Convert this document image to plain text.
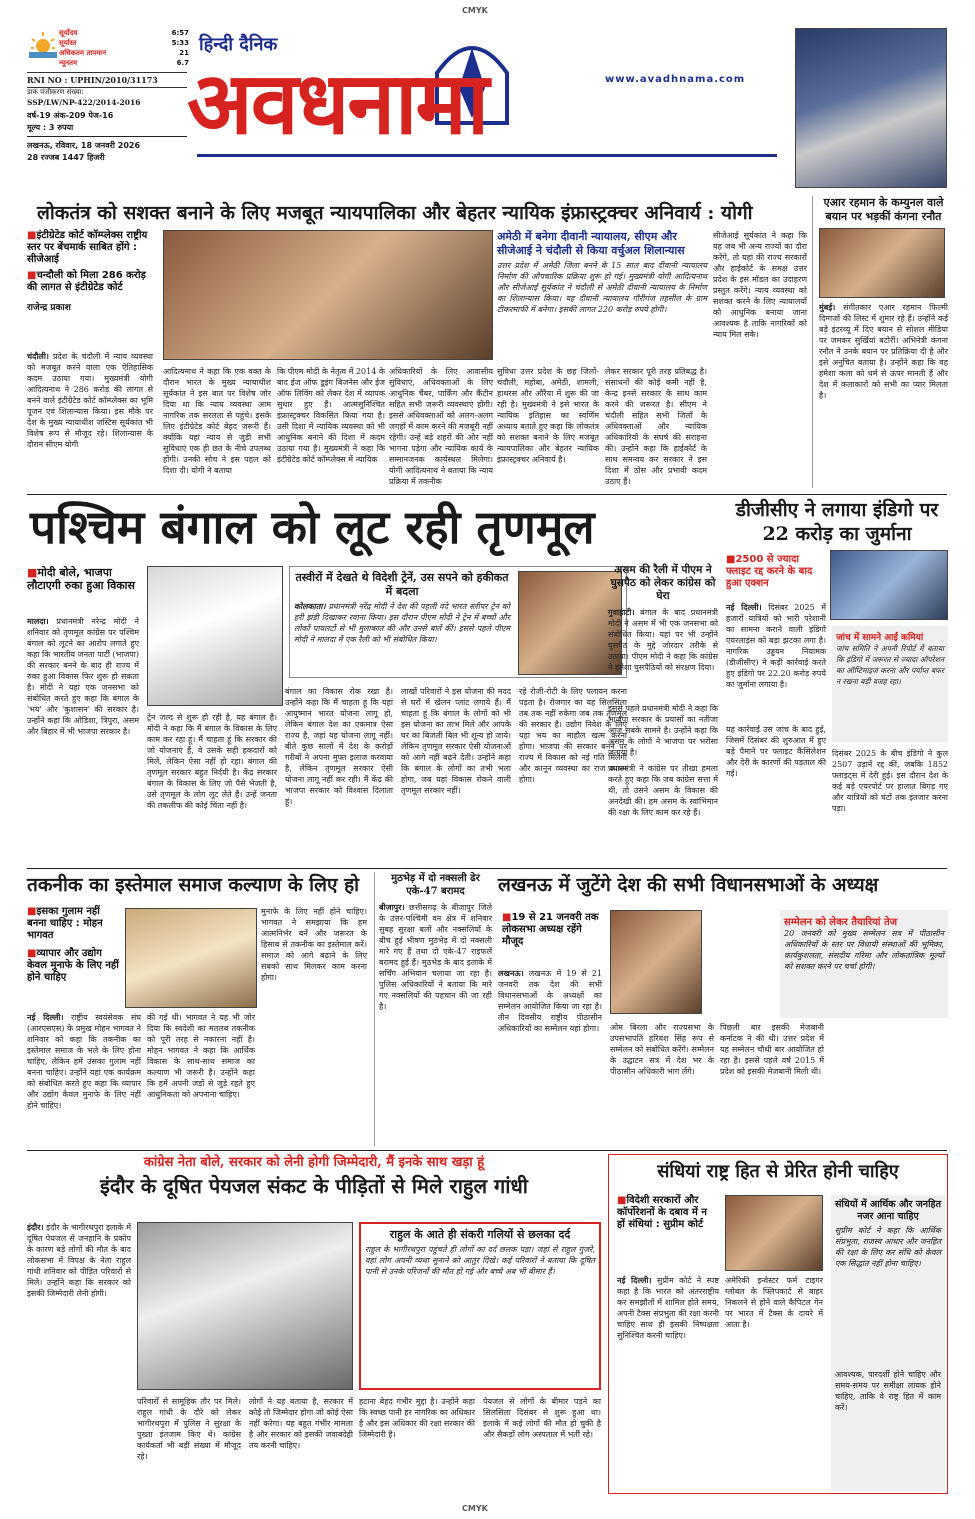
CMYK
सूर्योदय	6:57
सूर्यास्त	5:33
अधिकतम तापमान	21
न्यूनतम	6.7
RNI NO : UPHIN/2010/31173
डाक पंजीकरण संख्या:
SSP/LW/NP-422/2014-2016
वर्ष-19 अंक-209 पेज-16
मूल्य : 3 रुपया
लखनऊ, रविवार, 18 जनवरी 2026
28 रज्जब 1447 हिजरी
हिन्दी दैनिक
अवधनामा	www.avadhnama.com
लोकतंत्र को सशक्त बनाने के लिए मजबूत न्यायपालिका और बेहतर न्यायिक इंफ्रास्ट्रक्चर अनिवार्य : योगी
■ इंटीग्रेटेड कोर्ट कॉम्प्लेक्स राष्ट्रीय स्तर पर बेंचमार्क साबित होंगे : सीजेआई
■ चन्दौली को मिला 286 करोड़ की लागत से इंटीग्रेटेड कोर्ट
राजेन्द्र प्रकाश
अमेठी में बनेगा दीवानी न्यायालय, सीएम और सीजेआई ने चंदौली से किया वर्चुअल शिलान्यास
उत्तर प्रदेश में अमेठी जिला बनने के 15 साल बाद दीवानी न्यायालय निर्माण की औपचारिक प्रक्रिया शुरू हो गई। मुख्यमंत्री योगी आदित्यनाथ और सीजेआई सूर्यकांत ने चंदौली से अमेठी दीवानी न्यायालय के निर्माण का शिलान्यास किया। यह दीवानी न्यायालय गौरीगंज तहसील के ग्राम टीकरमाफी में बनेगा। इसकी लागत 220 करोड़ रुपये होगी।
चंदौली। प्रदेश के चंदौली में न्याय व्यवस्था को मजबूत करने वाला एक ऐतिहासिक कदम उठाया गया। मुख्यमंत्री योगी आदित्यनाथ ने 286 करोड़ की लागत से बनने वाले इंटीग्रेटेड कोर्ट कॉम्प्लेक्स का भूमि पूजन एवं शिलान्यास किया। इस मौके पर देश के मुख्य न्यायाधीश जस्टिस सूर्यकांत भी विशेष रूप से मौजूद रहे। शिलान्यास के दौरान सीएम योगी
आदित्यनाथ ने कहा कि एक वक्त के दौरान भारत के मुख्य न्यायाधीश सूर्यकांत ने इस बात पर विशेष जोर दिया था कि न्याय व्यवस्था आम नागरिक तक सरलता से पहुंचे। इसके लिए इंटीग्रेटेड कोर्ट बेहद जरूरी हैं। क्योंकि यहां न्याय से जुड़ी सभी सुविधाएं एक ही छत के नीचे उपलब्ध होंगी। उनकी सोच ने इस पहल को दिशा दी। योगी ने बताया
कि पीएम मोदी के नेतृत्व में 2014 के बाद ईज ऑफ डूइंग बिजनेस और ईज ऑफ लिविंग को लेकर देश में व्यापक सुधार हुए हैं। आत्मसुनिश्चित इंफ्रास्ट्रक्चर विकसित किया गया है। उसी दिशा में न्यायिक व्यवस्था को भी आधुनिक बनाने की दिशा में कदम उठाया गया है। मुख्यमंत्री ने कहा कि इंटीग्रेटेड कोर्ट कॉम्प्लेक्स में न्यायिक
अधिकारियों के लिए आवासीय सुविधाएं, अधिवक्ताओं के लिए आधुनिक चैंबर, पार्किंग और कैंटीन सहित सभी जरूरी व्यवस्थाएं होंगी। इससे अधिवक्ताओं को अलग-अलग जगहों में काम करने की मजबूरी नहीं रहेगी। उन्हें बड़े शहरों की ओर नहीं भागना पड़ेगा और न्यायिक कार्य के सम्मानजनक कार्यस्थल मिलेगा। योगी आदित्यनाथ ने बताया कि न्याय प्रक्रिया में तकनीक
सुविधा उत्तर प्रदेश के छह जिलों- चंदौली, महोबा, अमेठी, शामली, हाथरस और औरैया में शुरू की जा रही है। मुख्यमंत्री ने इसे भारत के न्यायिक इतिहास का स्वर्णिम अध्याय बताते हुए कहा कि लोकतंत्र को सशक्त बनाने के लिए मजबूत न्यायपालिका और बेहतर न्यायिक इंफ्रास्ट्रक्चर अनिवार्य है।
लेकर सरकार पूरी तरह प्रतिबद्ध है। संसाधनों की कोई कमी नहीं है, केन्द्र इनसे सरकार के साथ काम करने की जरूरत है। सीएम ने चंदौली सहित सभी जिलों के अधिवक्ताओं और न्यायिक अधिकारियों के संघर्ष की सराहना की। उन्होंने कहा कि हाईकोर्ट के साथ समन्वय कर सरकार ने इस दिशा में ठोस और प्रभावी कदम उठाए हैं।
सीजेआई सूर्यकांत ने कहा कि यह जब भी अन्य राज्यों का दौरा करेंगे, तो यहां की राज्य सरकारों और हाईकोर्ट के समक्ष उत्तर प्रदेश के इस मॉडल का उदाहरण प्रस्तुत करेंगे। न्याय व्यवस्था को सशक्त करने के लिए न्यायालयों को आधुनिक बनाया जाना आवश्यक है ताकि नागरिकों को न्याय मिल सके।
एआर रहमान के कम्युनल वाले बयान पर भड़कीं कंगना रनौत
मुंबई। संगीतकार एआर रहमान फिल्मी दिग्गजों की लिस्ट में शुमार रहे हैं। उन्होंने कई बड़े इंटरव्यू में दिए बयान से सोशल मीडिया पर जमकर सुर्खियां बटोरीं। अभिनेत्री कंगना रनौत ने उनके बयान पर प्रतिक्रिया दी है और इसे अनुचित बताया है। उन्होंने कहा कि वह हमेशा कला को धर्म से ऊपर मानती हैं और देश में कलाकारों को सभी का प्यार मिलता है।
पश्चिम बंगाल को लूट रही तृणमूल
■ मोदी बोले, भाजपा लौटाएगी रुका हुआ विकास
तस्वीरों में देखते थे विदेशी ट्रेनें, उस सपने को हकीकत में बदला
कोलकाता। प्रधानमंत्री नरेंद्र मोदी ने देश की पहली वंदे भारत स्लीपर ट्रेन को हरी झंडी दिखाकर रवाना किया। इस दौरान पीएम मोदी ने ट्रेन में बच्चों और लोकों पायलटों से भी मुलाकात की और उनसे बातें कीं। इससे पहले पीएम मोदी ने मालदा में एक रैली को भी संबोधित किया।
मालदा। प्रधानमंत्री नरेन्द्र मोदी ने शनिवार को तृणमूल कांग्रेस पर पश्चिम बंगाल को लूटने का आरोप लगाते हुए कहा कि भारतीय जनता पार्टी (भाजपा) की सरकार बनने के बाद ही राज्य में रुका हुआ विकास फिर शुरू हो सकता है। मोदी ने यहां एक जनसभा को संबोधित करते हुए कहा कि बंगाल के 'भय' और 'कुशासन' की सरकार है। उन्होंने कहा कि ओडिशा, त्रिपुरा, असम और बिहार में भी भाजपा सरकार है।
ट्रेन जल्द से शुरू हो रही है, यह बंगाल है। मोदी ने कहा कि मैं बंगाल के विकास के लिए काम कर रहा हूं। मैं चाहता हूं कि सरकार की जो योजनाएं हैं, वे उसके सही हकदारों को मिलें, लेकिन ऐसा नहीं हो रहा। बंगाल की तृणमूल सरकार बहुत निर्दयी है। केंद्र सरकार बंगाल के विकास के लिए जो पैसे भेजती है, उसे तृणमूल के लोग लूट लेते हैं। उन्हें जनता की तकलीफ की कोई चिंता नहीं है।
बंगाल का विकास रोक रखा है। उन्होंने कहा कि मैं चाहता हूं कि यहां आयुष्मान भारत योजना लागू हो, लेकिन बंगाल देश का एकमात्र ऐसा राज्य है, जहां यह योजना लागू नहीं। बीते कुछ सालों में देश के करोड़ों गरीबों ने अपना मुफ्त इलाज करवाया है, लेकिन तृणमूल सरकार ऐसी योजना लागू नहीं कर रही। मैं केंद्र की भाजपा सरकार को विश्वास दिलाता हूं।
लाखों परिवारों ने इस योजना की मदद से घरों में खेलन प्लांट लगाये हैं। मैं चाहता हूं कि बंगाल के लोगों को भी इस योजना का लाभ मिले और आपके घर का बिजली बिल भी शून्य हो जाये। लेकिन तृणमूल सरकार ऐसी योजनाओं को आगे नहीं बढ़ने देती। उन्होंने कहा कि बंगाल के लोगों का तभी भला होगा, जब यहां विकास रोकने वाली तृणमूल सरकार नहीं।
रहे रोजी-रोटी के लिए पलायन करना पड़ता है। रोजगार का यह सिलसिला तब तक नहीं रुकेगा जब तक तृणमूल की सरकार है। उद्योग निवेश के लिए यहां भय का माहौल खत्म करना होगा। भाजपा की सरकार बनने पर राज्य में विकास को नई गति मिलेगी और कानून व्यवस्था का राज कायम होगा।
असम की रैली में पीएम ने घुसपैठ को लेकर कांग्रेस को घेरा
गुवाहाटी। बंगाल के बाद प्रधानमंत्री मोदी ने असम में भी एक जनसभा को संबोधित किया। यहां पर भी उन्होंने घुसपैठ के मुद्दे जोरदार तरीके से उठाया। पीएम मोदी ने कहा कि कांग्रेस ने हमेशा घुसपैठियों को संरक्षण दिया।
इससे पहले प्रधानमंत्री मोदी ने कहा कि भाजपा सरकार के प्रयासों का नतीजा आज सबके सामने है। उन्होंने कहा कि असम के लोगों ने भाजपा पर भरोसा जताया है।
प्रधानमंत्री ने कांग्रेस पर तीखा हमला करते हुए कहा कि जब कांग्रेस सत्ता में थी, तो उसने असम के विकास की अनदेखी की। हम असम के स्वाभिमान की रक्षा के लिए काम कर रहे हैं।
डीजीसीए ने लगाया इंडिगो पर 22 करोड़ का जुर्माना
■ 2500 से ज्यादा फ्लाइट रद्द करने के बाद हुआ एक्शन
नई दिल्ली। दिसंबर 2025 में हजारों यात्रियों को भारी परेशानी का सामना कराने वाली इंडिगो एयरलाइंस को बड़ा झटका लगा है। नागरिक उड्डयन नियामक (डीजीसीए) ने कड़ी कार्रवाई करते हुए इंडिगो पर 22.20 करोड़ रुपये का जुर्माना लगाया है।
यह कार्रवाई उस जांच के बाद हुई, जिसमें दिसंबर की शुरुआत में हुए बड़े पैमाने पर फ्लाइट कैंसिलेशन और देरी के कारणों की पड़ताल की गई।
जांच में सामने आईं कमियां
जांच समिति ने अपनी रिपोर्ट में बताया कि इंडिगो में जरूरत से ज्यादा ऑपरेशन का ऑप्टिमाइज करना और पर्याप्त बफर न रखना बड़ी वजह रहा।
दिसंबर 2025 के बीच इंडिगो ने कुल 2507 उड़ानें रद्द कीं, जबकि 1852 फ्लाइट्स में देरी हुई। इस दौरान देश के कई बड़े एयरपोर्ट पर हालात बिगड़ गए और यात्रियों को घंटों तक इंतजार करना पड़ा।
तकनीक का इस्तेमाल समाज कल्याण के लिए हो
■ इसका गुलाम नहीं बनना चाहिए : मोहन भागवत
■ व्यापार और उद्योग केवल मुनाफे के लिए नहीं होने चाहिए
नई दिल्ली। राष्ट्रीय स्वयंसेवक संघ (आरएसएस) के प्रमुख मोहन भागवत ने शनिवार को कहा कि तकनीक का इस्तेमाल समाज के भले के लिए होना चाहिए, लेकिन हमें उसका गुलाम नहीं बनना चाहिए। उन्होंने यहां एक कार्यक्रम को संबोधित करते हुए कहा कि व्यापार और उद्योग केवल मुनाफे के लिए नहीं होने चाहिए।
की गई थी। भागवत ने यह भी जोर दिया कि स्वदेशी का मतलब तकनीक को पूरी तरह से नकारना नहीं है। मोहन भागवत ने कहा कि आर्थिक विकास के साथ-साथ समाज का कल्याण भी जरूरी है। उन्होंने कहा कि हमें अपनी जड़ों से जुड़े रहते हुए आधुनिकता को अपनाना चाहिए।
मुनाफे के लिए नहीं होने चाहिए। भागवत ने समझाया कि हम आत्मनिर्भर बनें और जरूरत के हिसाब से तकनीक का इस्तेमाल करें। समाज को आगे बढ़ाने के लिए सबको साथ मिलकर काम करना होगा।
मुठभेड़ में दो नक्सली ढेर एके-47 बरामद
बीजापुर। छत्तीसगढ़ के बीजापुर जिले के उत्तर-पश्चिमी वन क्षेत्र में शनिवार सुबह सुरक्षा बलों और नक्सलियों के बीच हुई भीषण मुठभेड़ में दो नक्सली मारे गए हैं तथा दो एके-47 राइफलें बरामद हुई हैं। मुठभेड़ के बाद इलाके में सर्चिंग अभियान चलाया जा रहा है। पुलिस अधिकारियों ने बताया कि मारे गए नक्सलियों की पहचान की जा रही है।
लखनऊ में जुटेंगे देश की सभी विधानसभाओं के अध्यक्ष
■ 19 से 21 जनवरी तक लोकसभा अध्यक्ष रहेंगे मौजूद
सम्मेलन को लेकर तैयारियां तेज
20 जनवरी को मुख्य सम्मेलन सत्र में पीठासीन अधिकारियों के स्तर पर विधायी संस्थाओं की भूमिका, कार्यकुशलता, संसदीय गरिमा और लोकतांत्रिक मूल्यों को सशक्त करने पर चर्चा होगी।
लखनऊ। लखनऊ में 19 से 21 जनवरी तक देश की सभी विधानसभाओं के अध्यक्षों का सम्मेलन आयोजित किया जा रहा है। तीन दिवसीय राष्ट्रीय पीठासीन अधिकारियों का सम्मेलन यहां होगा।	ओम बिरला और राज्यसभा के उपसभापति हरिवंश सिंह रूप से सम्मेलन को संबोधित करेंगे। सम्मेलन के उद्घाटन सत्र में देश भर के पीठासीन अधिकारी भाग लेंगे।
पिछली बार इसकी मेजबानी कर्नाटक ने की थी। उत्तर प्रदेश में यह सम्मेलन चौथी बार आयोजित हो रहा है। इससे पहले वर्ष 2015 में प्रदेश को इसकी मेजबानी मिली थी।
कांग्रेस नेता बोले, सरकार को लेनी होगी जिम्मेदारी, मैं इनके साथ खड़ा हूं
इंदौर के दूषित पेयजल संकट के पीड़ितों से मिले राहुल गांधी
इंदौर। इंदौर के भागीरथपुरा इलाके में दूषित पेयजल से जनहानि के प्रकोप के कारण बड़े लोगों की मौत के बाद लोकसभा में विपक्ष के नेता राहुल गांधी शनिवार को पीड़ित परिवारों से मिले। उन्होंने कहा कि सरकार को इसकी जिम्मेदारी लेनी होगी।
राहुल के आते ही संकरी गलियों से छलका दर्द
राहुल के भागीरथपुरा पहुंचते ही लोगों का दर्द छलक पड़ा। जहां से राहुल गुजरे, वहां लोग अपनी व्यथा सुनाने को आतुर दिखे। कई परिवारों ने बताया कि दूषित पानी से उनके परिजनों की मौत हो गई और बच्चे अब भी बीमार हैं।
परिवारों से सामूहिक तौर पर मिले। राहुल गांधी के दौरे को लेकर भागीरथपुरा में पुलिस ने सुरक्षा के पुख्ता इंतजाम किए थे। कांग्रेस कार्यकर्ता भी बड़ी संख्या में मौजूद रहे।
लोगों ने यह बताया है, सरकार में कोई तो जिम्मेदार होगा जो कोई ऐसा नहीं करेगा। यह बहुत गंभीर मामला है और सरकार को इसकी जवाबदेही तय करनी चाहिए।
हटाना बेहद गंभीर मुद्दा है। उन्होंने कहा कि स्वच्छ पानी हर नागरिक का अधिकार है और इस अधिकार की रक्षा सरकार की जिम्मेदारी है।
पेयजल से लोगों के बीमार पड़ने का सिलसिला दिसंबर से शुरू हुआ था। इलाके में कई लोगों की मौत हो चुकी है और सैकड़ों लोग अस्पताल में भर्ती रहे।
संधियां राष्ट्र हित से प्रेरित होनी चाहिए
■ विदेशी सरकारों और कॉर्पोरेशनों के दबाव में न हों संधियां : सुप्रीम कोर्ट
संधियों में आर्थिक और जनहित नजर आना चाहिए
सुप्रीम कोर्ट ने कहा कि आर्थिक संप्रभुता, राजस्व आधार और जनहित की रक्षा के लिए कर संधि को केवल एक सिद्धांत नहीं होना चाहिए।
आवश्यक, पारदर्शी होने चाहिए और समय-समय पर समीक्षा लायक होने चाहिए, ताकि वे राष्ट्र हित में काम करें।
नई दिल्ली। सुप्रीम कोर्ट ने स्पष्ट कहा है कि भारत को अंतरराष्ट्रीय कर समझौतों में शामिल होते समय, अपनी टैक्स संप्रभुता की रक्षा करनी चाहिए साथ ही इसकी निष्पक्षता सुनिश्चित करनी चाहिए।
अमेरिकी इन्वेस्टर फर्म टाइगर ग्लोबल के फ्लिपकार्ट से बाहर निकलने से होने वाले कैपिटल गेन पर भारत में टैक्स के दायरे में आता है।
CMYK
